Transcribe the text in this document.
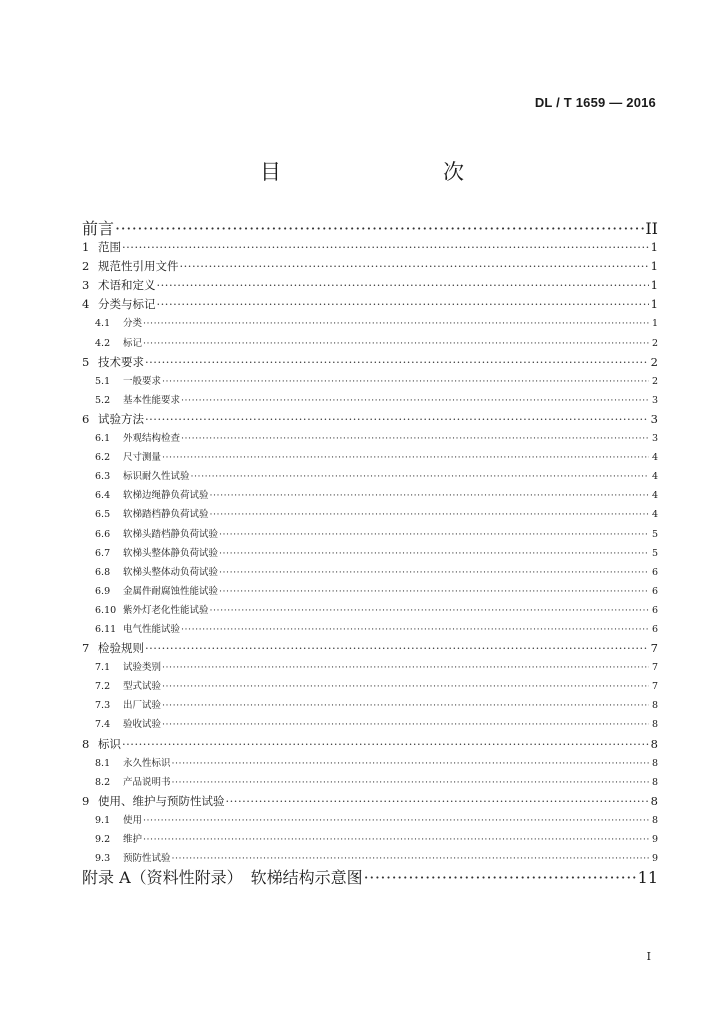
DL / T 1659 — 2016
目　　次
前言 ·····	II
1 范围 ·····	1
2 规范性引用文件 ·····	1
3 术语和定义 ·····	1
4 分类与标记 ·····	1
4.1	分类 ·····	1
4.2	标记 ·····	2
5 技术要求 ·····	2
5.1	一般要求 ·····	2
5.2	基本性能要求 ·····	3
6 试验方法 ·····	3
6.1	外观结构检查 ·····	3
6.2	尺寸测量 ·····	4
6.3	标识耐久性试验 ·····	4
6.4	软梯边绳静负荷试验 ·····	4
6.5	软梯踏档静负荷试验 ·····	4
6.6	软梯头踏档静负荷试验 ·····	5
6.7	软梯头整体静负荷试验 ·····	5
6.8	软梯头整体动负荷试验 ·····	6
6.9	金属件耐腐蚀性能试验 ·····	6
6.10 紫外灯老化性能试验 ·····	6
6.11 电气性能试验 ·····	6
7 检验规则 ·····	7
7.1	试验类别 ·····	7
7.2	型式试验 ·····	7
7.3	出厂试验 ·····	8
7.4	验收试验 ·····	8
8 标识 ·····	8
8.1	永久性标识 ·····	8
8.2	产品说明书 ·····	8
9 使用、维护与预防性试验 ·····	8
9.1	使用 ·····	8
9.2	维护 ·····	9
9.3	预防性试验 ·····	9
附录 A（资料性附录）　软梯结构示意图 ·····	11
I
